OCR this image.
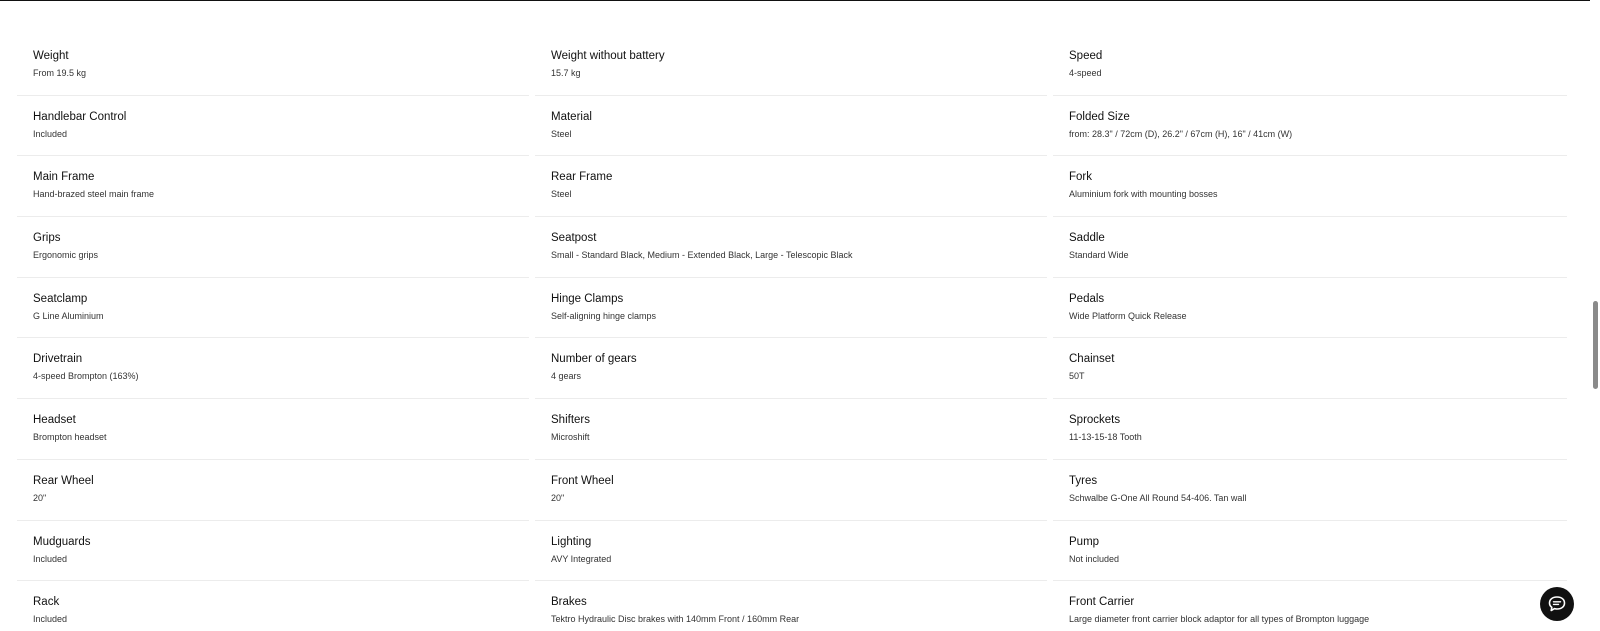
Weight
From 19.5 kg
Weight without battery
15.7 kg
Speed
4-speed
Handlebar Control
Included
Material
Steel
Folded Size
from: 28.3" / 72cm (D), 26.2" / 67cm (H), 16" / 41cm (W)
Main Frame
Hand-brazed steel main frame
Rear Frame
Steel
Fork
Aluminium fork with mounting bosses
Grips
Ergonomic grips
Seatpost
Small - Standard Black, Medium - Extended Black, Large - Telescopic Black
Saddle
Standard Wide
Seatclamp
G Line Aluminium
Hinge Clamps
Self-aligning hinge clamps
Pedals
Wide Platform Quick Release
Drivetrain
4-speed Brompton (163%)
Number of gears
4 gears
Chainset
50T
Headset
Brompton headset
Shifters
Microshift
Sprockets
11-13-15-18 Tooth
Rear Wheel
20"
Front Wheel
20"
Tyres
Schwalbe G-One All Round 54-406. Tan wall
Mudguards
Included
Lighting
AVY Integrated
Pump
Not included
Rack
Included
Brakes
Tektro Hydraulic Disc brakes with 140mm Front / 160mm Rear
Front Carrier
Large diameter front carrier block adaptor for all types of Brompton luggage
